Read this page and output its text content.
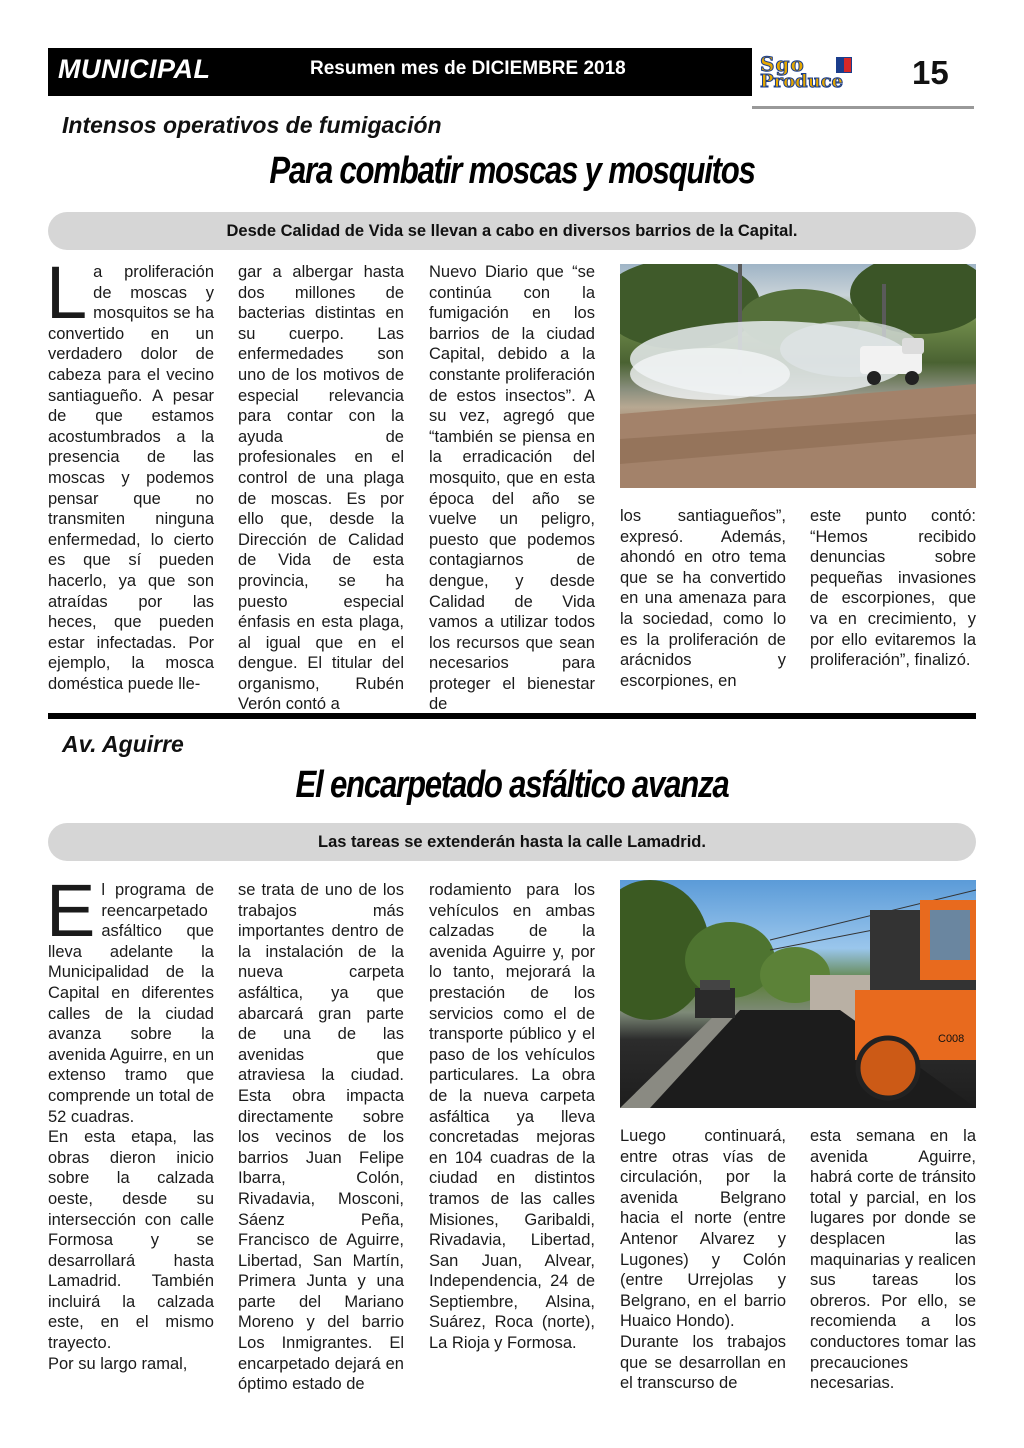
MUNICIPAL	Resumen mes de DICIEMBRE 2018	Sgo
Produce 15
Intensos operativos de fumigación
Para combatir moscas y mosquitos
Desde Calidad de Vida se llevan a cabo en diversos barrios de la Capital.

La proliferación de moscas y mosquitos se ha convertido en un verdadero dolor de cabeza para el vecino santiagueño. A pesar de que estamos acostumbrados a la presencia de las moscas y podemos pensar que no transmiten ninguna enfermedad, lo cierto es que sí pueden hacerlo, ya que son atraídas por las heces, que pueden estar infectadas. Por ejemplo, la mosca doméstica puede lle-

gar a albergar hasta dos millones de bacterias distintas en su cuerpo. Las enfermedades son uno de los motivos de especial relevancia para contar con la ayuda de profesionales en el control de una plaga de moscas. Es por ello que, desde la Dirección de Calidad de Vida de esta provincia, se ha puesto especial énfasis en esta plaga, al igual que en el dengue. El titular del organismo, Rubén Verón contó a
Nuevo Diario que “se continúa con la fumigación en los barrios de la ciudad Capital, debido a la constante proliferación de estos insectos”. A su vez, agregó que “también se piensa en la erradicación del mosquito, que en esta época del año se vuelve un peligro, puesto que podemos contagiarnos de dengue, y desde Calidad de Vida vamos a utilizar todos los recursos que sean necesarios para proteger el bienestar de
los santiagueños”, expresó. Además, ahondó en otro tema que se ha convertido en una amenaza para la sociedad, como lo es la proliferación de arácnidos y escorpiones, en
este punto contó: “Hemos recibido denuncias sobre pequeñas invasiones de escorpiones, que va en crecimiento, y por ello evitaremos la proliferación”, finalizó.
Av. Aguirre
El encarpetado asfáltico avanza
Las tareas se extenderán hasta la calle Lamadrid.

El programa de reencarpetado asfáltico que lleva adelante la Municipalidad de la Capital en diferentes calles de la ciudad avanza sobre la avenida Aguirre, en un extenso tramo que comprende un total de 52 cuadras.

En esta etapa, las obras dieron inicio sobre la calzada oeste, desde su intersección con calle Formosa y se desarrollará hasta Lamadrid. También incluirá la calzada este, en el mismo trayecto.

Por su largo ramal,

se trata de uno de los trabajos más importantes dentro de la instalación de la nueva carpeta asfáltica, ya que abarcará gran parte de una de las avenidas que atraviesa la ciudad. Esta obra impacta directamente sobre los vecinos de los barrios Juan Felipe Ibarra, Colón, Rivadavia, Mosconi, Sáenz Peña, Francisco de Aguirre, Libertad, San Martín, Primera Junta y una parte del Mariano Moreno y del barrio Los Inmigrantes. El encarpetado dejará en óptimo estado de
rodamiento para los vehículos en ambas calzadas de la avenida Aguirre y, por lo tanto, mejorará la prestación de los servicios como el de transporte público y el paso de los vehículos particulares. La obra de la nueva carpeta asfáltica ya lleva concretadas mejoras en 104 cuadras de la ciudad en distintos tramos de las calles Misiones, Garibaldi, Rivadavia, Libertad, San Juan, Alvear, Independencia, 24 de Septiembre, Alsina, Suárez, Roca (norte), La Rioja y Formosa.
C008

Luego continuará, entre otras vías de circulación, por la avenida Belgrano hacia el norte (entre Antenor Alvarez y Lugones) y Colón (entre Urrejolas y Belgrano, en el barrio Huaico Hondo).

Durante los trabajos que se desarrollan en el transcurso de

esta semana en la avenida Aguirre, habrá corte de tránsito total y parcial, en los lugares por donde se desplacen las maquinarias y realicen sus tareas los obreros. Por ello, se recomienda a los conductores tomar las precauciones necesarias.
